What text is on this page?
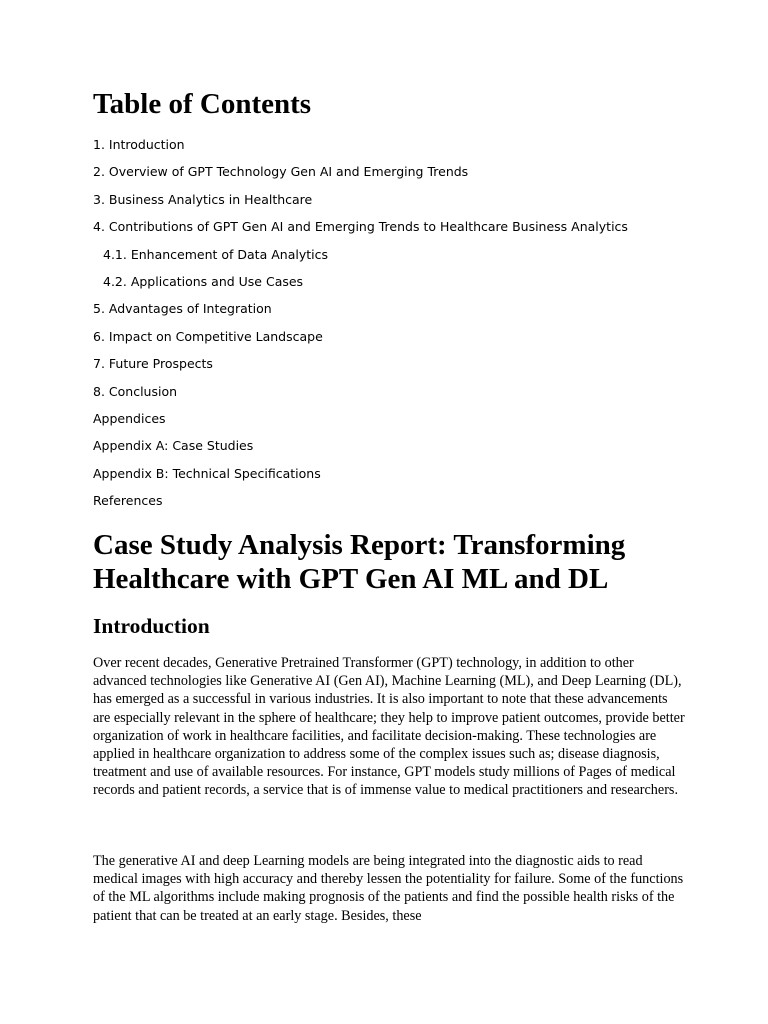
Table of Contents
1. Introduction
2. Overview of GPT Technology Gen AI and Emerging Trends
3. Business Analytics in Healthcare
4. Contributions of GPT Gen AI and Emerging Trends to Healthcare Business Analytics
4.1. Enhancement of Data Analytics
4.2. Applications and Use Cases
5. Advantages of Integration
6. Impact on Competitive Landscape
7. Future Prospects
8. Conclusion
Appendices
Appendix A: Case Studies
Appendix B: Technical Specifications
References
Case Study Analysis Report: Transforming Healthcare with GPT Gen AI ML and DL
Introduction

Over recent decades, Generative Pretrained Transformer (GPT) technology, in addition to other advanced technologies like Generative AI (Gen AI), Machine Learning (ML), and Deep Learning (DL), has emerged as a successful in various industries. It is also important to note that these advancements are especially relevant in the sphere of healthcare; they help to improve patient outcomes, provide better organization of work in healthcare facilities, and facilitate decision-making. These technologies are applied in healthcare organization to address some of the complex issues such as; disease diagnosis, treatment and use of available resources. For instance, GPT models study millions of Pages of medical records and patient records, a service that is of immense value to medical practitioners and researchers.

The generative AI and deep Learning models are being integrated into the diagnostic aids to read medical images with high accuracy and thereby lessen the potentiality for failure. Some of the functions of the ML algorithms include making prognosis of the patients and find the possible health risks of the patient that can be treated at an early stage. Besides, these
